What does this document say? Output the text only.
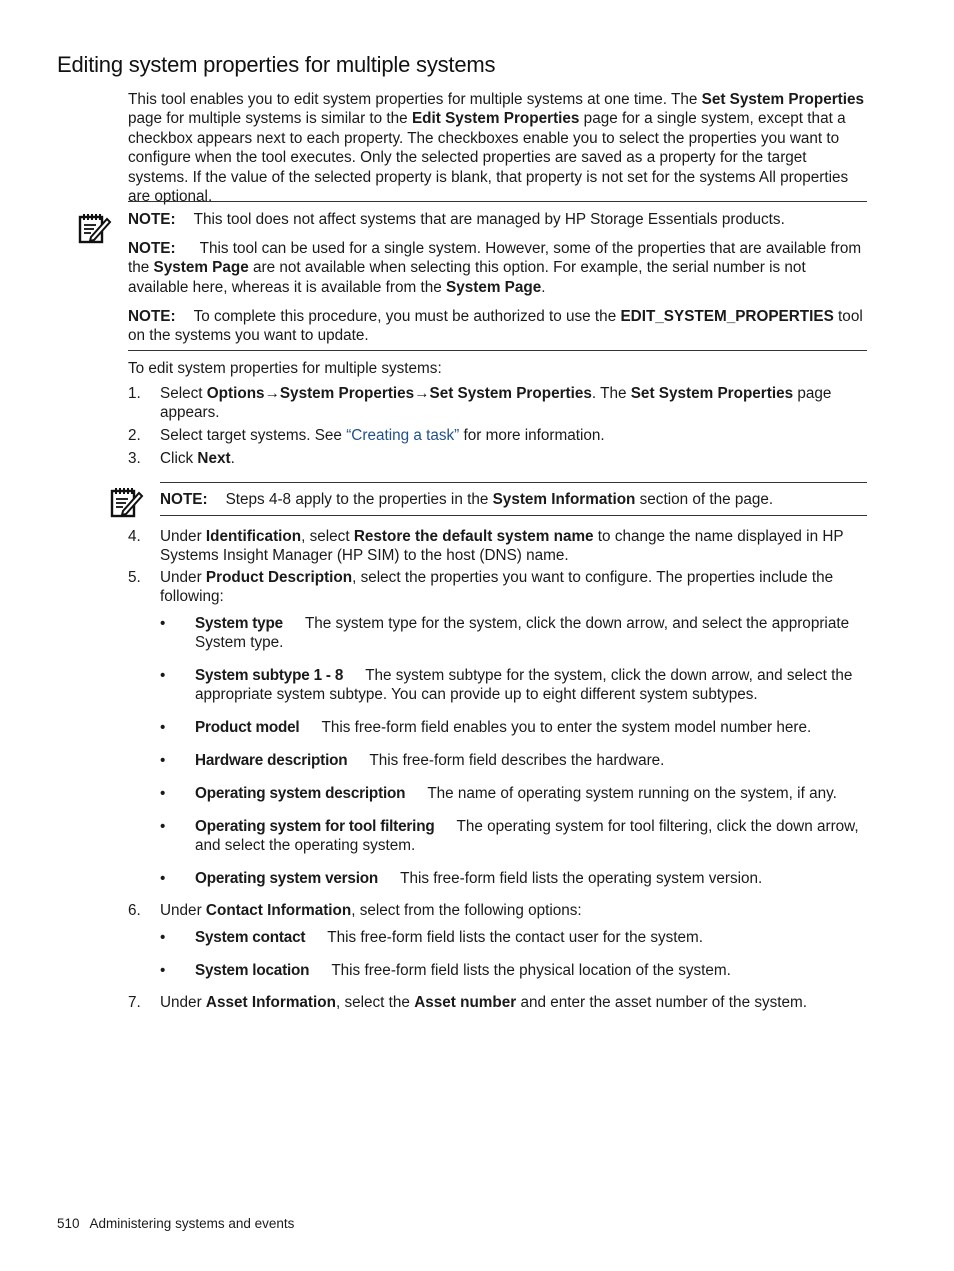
Editing system properties for multiple systems
This tool enables you to edit system properties for multiple systems at one time. The Set System Properties page for multiple systems is similar to the Edit System Properties page for a single system, except that a checkbox appears next to each property. The checkboxes enable you to select the properties you want to configure when the tool executes. Only the selected properties are saved as a property for the target systems. If the value of the selected property is blank, that property is not set for the systems All properties are optional.
NOTE: This tool does not affect systems that are managed by HP Storage Essentials products.
NOTE: This tool can be used for a single system. However, some of the properties that are available from the System Page are not available when selecting this option. For example, the serial number is not available here, whereas it is available from the System Page.
NOTE: To complete this procedure, you must be authorized to use the EDIT_SYSTEM_PROPERTIES tool on the systems you want to update.
To edit system properties for multiple systems:
1.	Select Options→System Properties→Set System Properties. The Set System Properties page appears.
2.	Select target systems. See “Creating a task” for more information.
3.	Click Next.
NOTE: Steps 4-8 apply to the properties in the System Information section of the page.
4.	Under Identification, select Restore the default system name to change the name displayed in HP Systems Insight Manager (HP SIM) to the host (DNS) name.
5.	Under Product Description, select the properties you want to configure. The properties include the following:
• System type The system type for the system, click the down arrow, and select the appropriate System type.
• System subtype 1 - 8 The system subtype for the system, click the down arrow, and select the appropriate system subtype. You can provide up to eight different system subtypes.
• Product model This free-form field enables you to enter the system model number here.
• Hardware description This free-form field describes the hardware.
• Operating system description The name of operating system running on the system, if any.
• Operating system for tool filtering The operating system for tool filtering, click the down arrow, and select the operating system.
• Operating system version This free-form field lists the operating system version.
6.	Under Contact Information, select from the following options:
• System contact This free-form field lists the contact user for the system.
• System location This free-form field lists the physical location of the system.
7.	Under Asset Information, select the Asset number and enter the asset number of the system.
510 Administering systems and events
